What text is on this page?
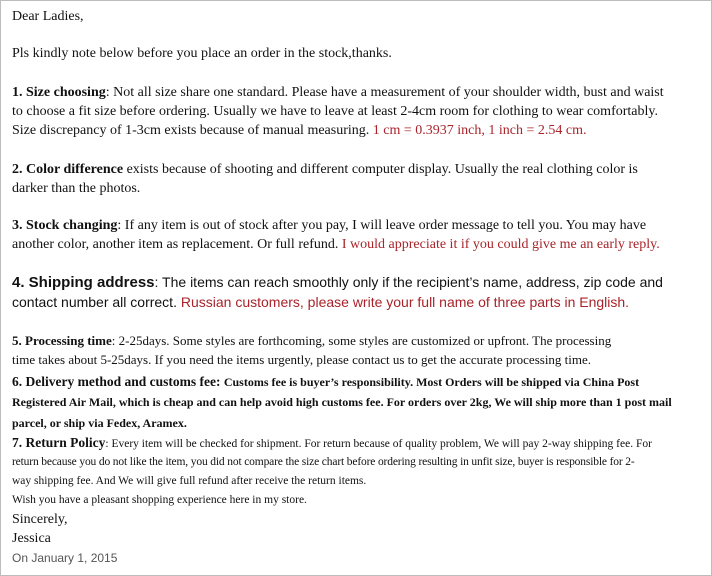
Dear Ladies,
Pls kindly note below before you place an order in the stock,thanks.
1. Size choosing: Not all size share one standard. Please have a measurement of your shoulder width, bust and waist
to choose a fit size before ordering. Usually we have to leave at least 2-4cm room for clothing to wear comfortably.
Size discrepancy of 1-3cm exists because of manual measuring. 1 cm = 0.3937 inch, 1 inch = 2.54 cm.
2. Color difference exists because of shooting and different computer display. Usually the real clothing color is
darker than the photos.
3. Stock changing: If any item is out of stock after you pay, I will leave order message to tell you. You may have
another color, another item as replacement. Or full refund. I would appreciate it if you could give me an early reply.
4. Shipping address: The items can reach smoothly only if the recipient’s name, address, zip code and
contact number all correct. Russian customers, please write your full name of three parts in English.
5. Processing time: 2-25days. Some styles are forthcoming, some styles are customized or upfront. The processing
time takes about 5-25days. If you need the items urgently, please contact us to get the accurate processing time.
6. Delivery method and customs fee: Customs fee is buyer’s responsibility. Most Orders will be shipped via China Post
Registered Air Mail, which is cheap and can help avoid high customs fee. For orders over 2kg, We will ship more than 1 post mail
parcel, or ship via Fedex, Aramex.
7. Return Policy: Every item will be checked for shipment. For return because of quality problem, We will pay 2-way shipping fee. For
return because you do not like the item, you did not compare the size chart before ordering resulting in unfit size, buyer is responsible for 2-
way shipping fee. And We will give full refund after receive the return items.
Wish you have a pleasant shopping experience here in my store.
Sincerely,
Jessica
On January 1, 2015
